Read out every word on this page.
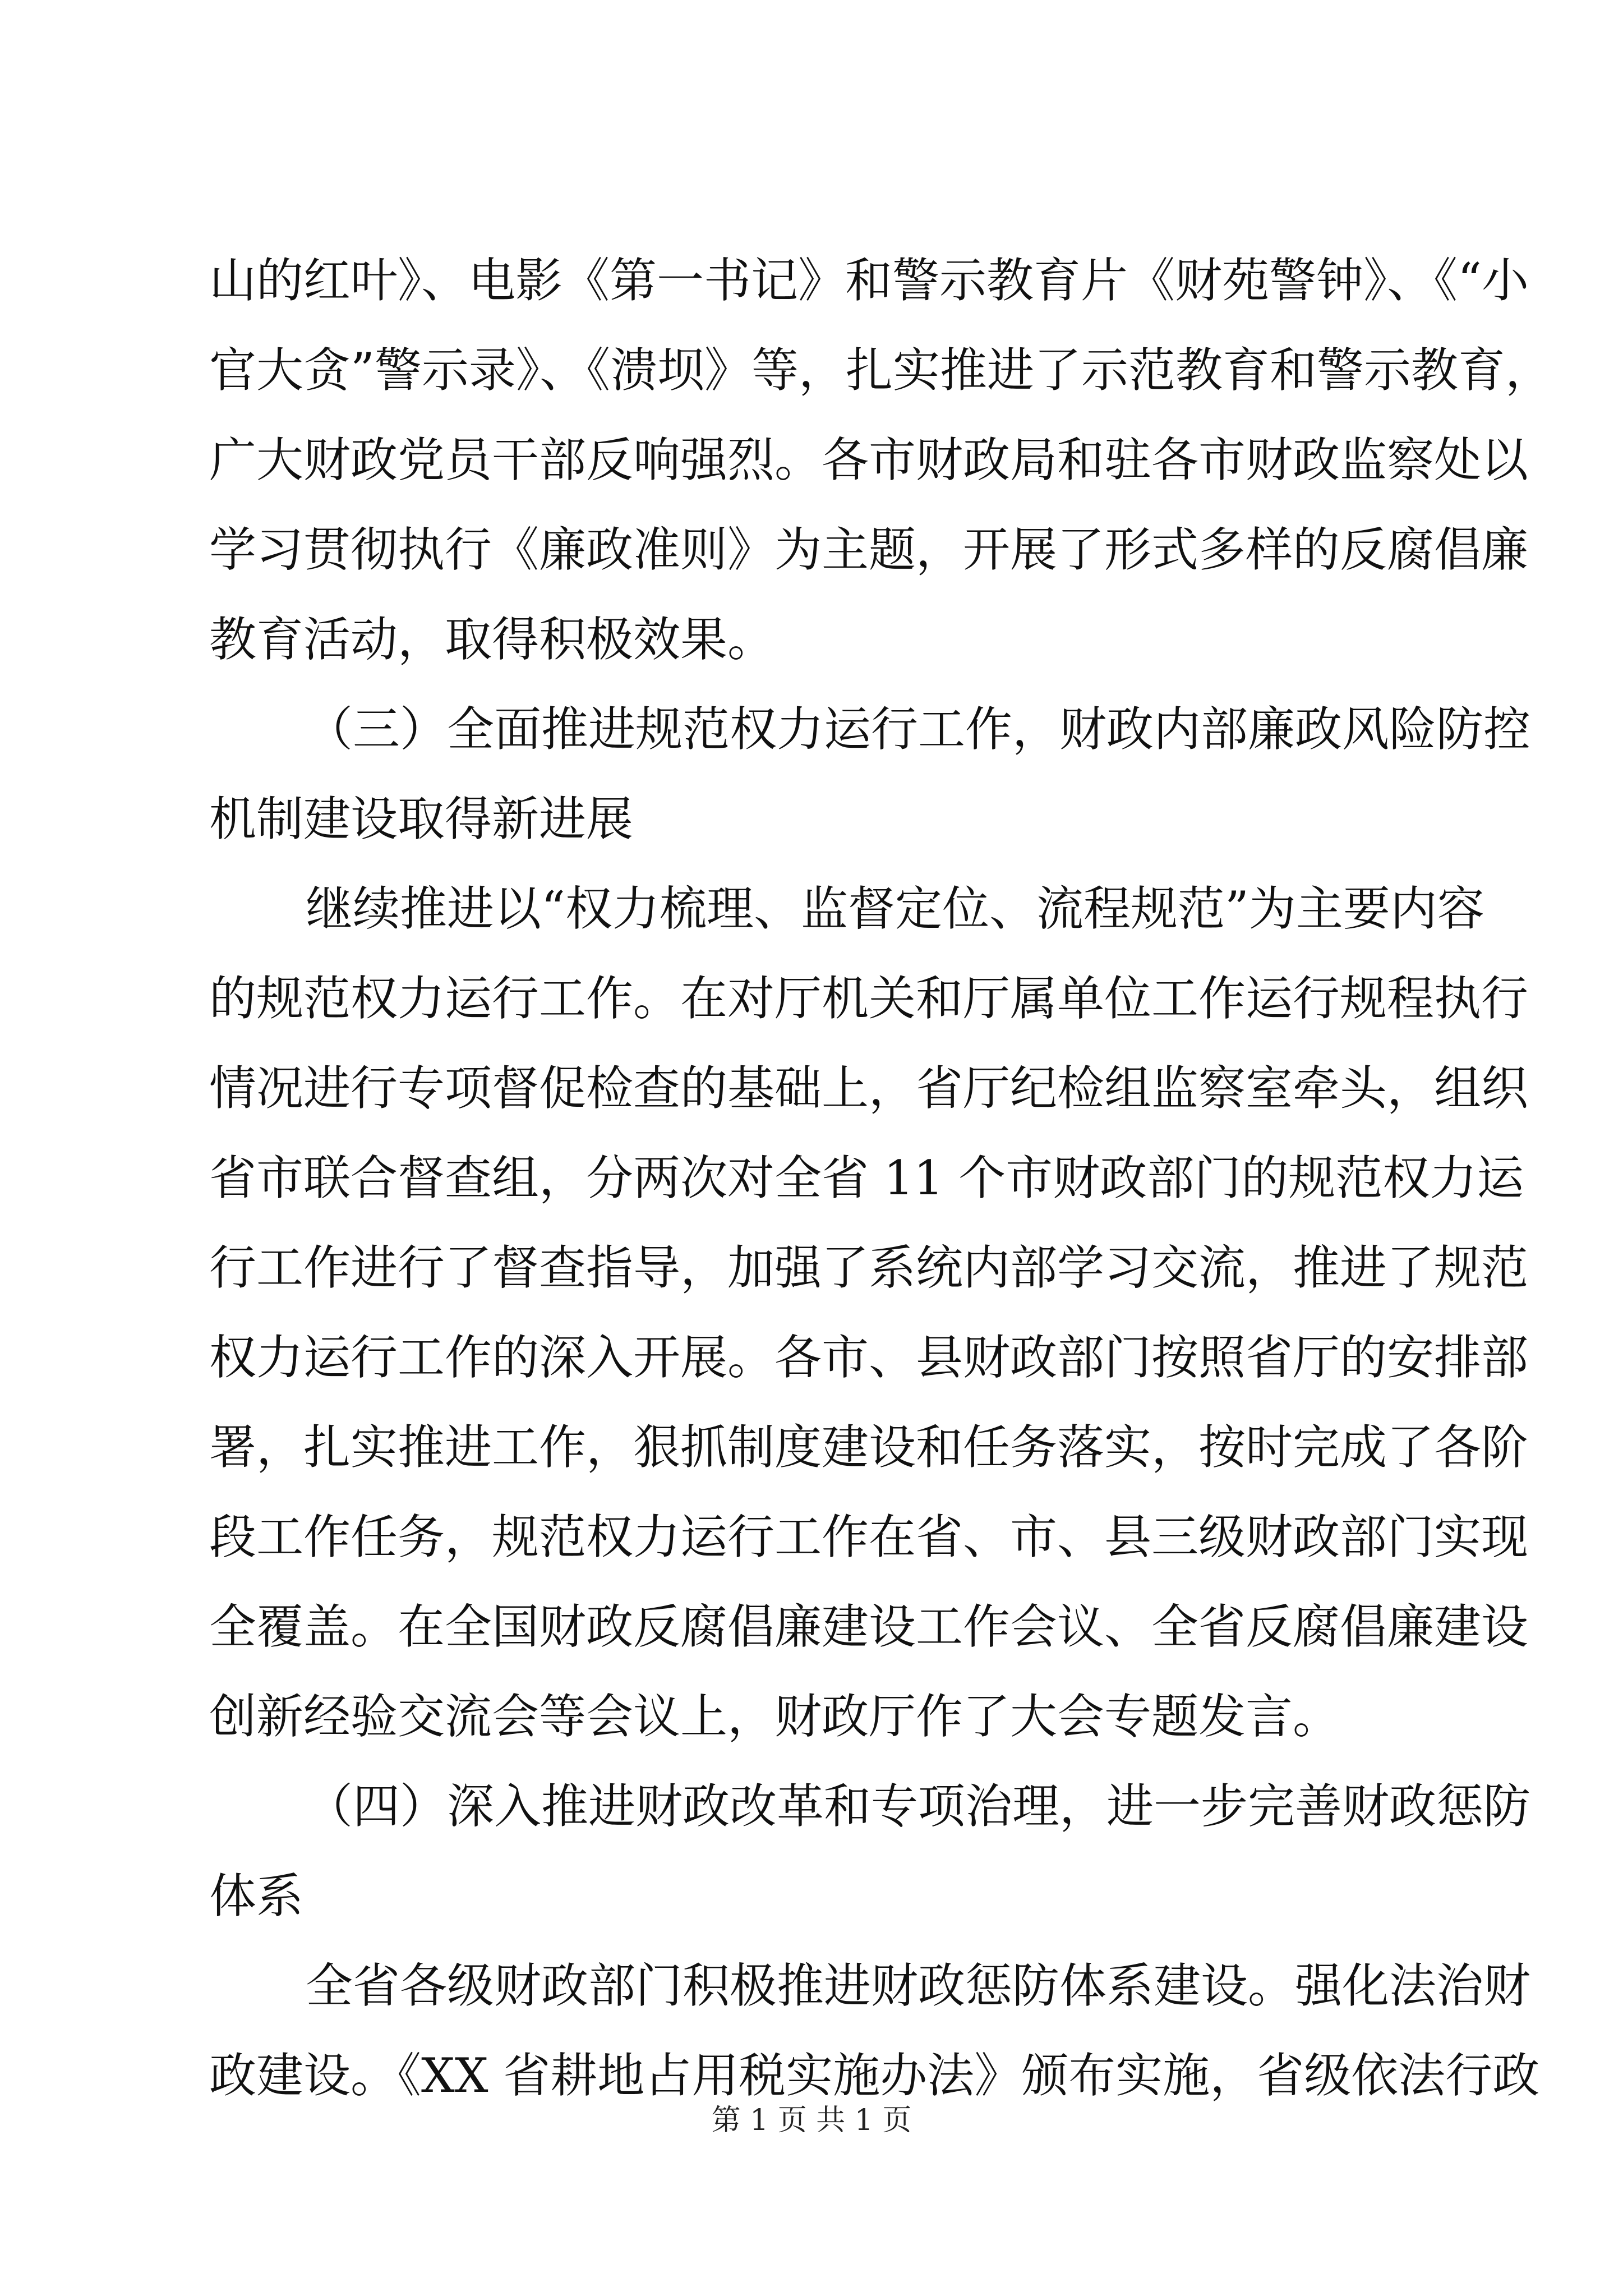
山的红叶》、电影《第一书记》和警示教育片《财苑警钟》、《“小
官大贪”警示录》、《溃坝》等，扎实推进了示范教育和警示教育，
广大财政党员干部反响强烈。各市财政局和驻各市财政监察处以
学习贯彻执行《廉政准则》为主题，开展了形式多样的反腐倡廉
教育活动，取得积极效果。
（三）全面推进规范权力运行工作，财政内部廉政风险防控
机制建设取得新进展
继续推进以“权力梳理、监督定位、流程规范”为主要内容
的规范权力运行工作。在对厅机关和厅属单位工作运行规程执行
情况进行专项督促检查的基础上，省厅纪检组监察室牵头，组织
省市联合督查组，分两次对全省 11 个市财政部门的规范权力运
行工作进行了督查指导，加强了系统内部学习交流，推进了规范
权力运行工作的深入开展。各市、县财政部门按照省厅的安排部
署，扎实推进工作，狠抓制度建设和任务落实，按时完成了各阶
段工作任务，规范权力运行工作在省、市、县三级财政部门实现
全覆盖。在全国财政反腐倡廉建设工作会议、全省反腐倡廉建设
创新经验交流会等会议上，财政厅作了大会专题发言。
（四）深入推进财政改革和专项治理，进一步完善财政惩防
体系
全省各级财政部门积极推进财政惩防体系建设。强化法治财
政建设。《XX 省耕地占用税实施办法》颁布实施，省级依法行政
第 1 页 共 1 页
